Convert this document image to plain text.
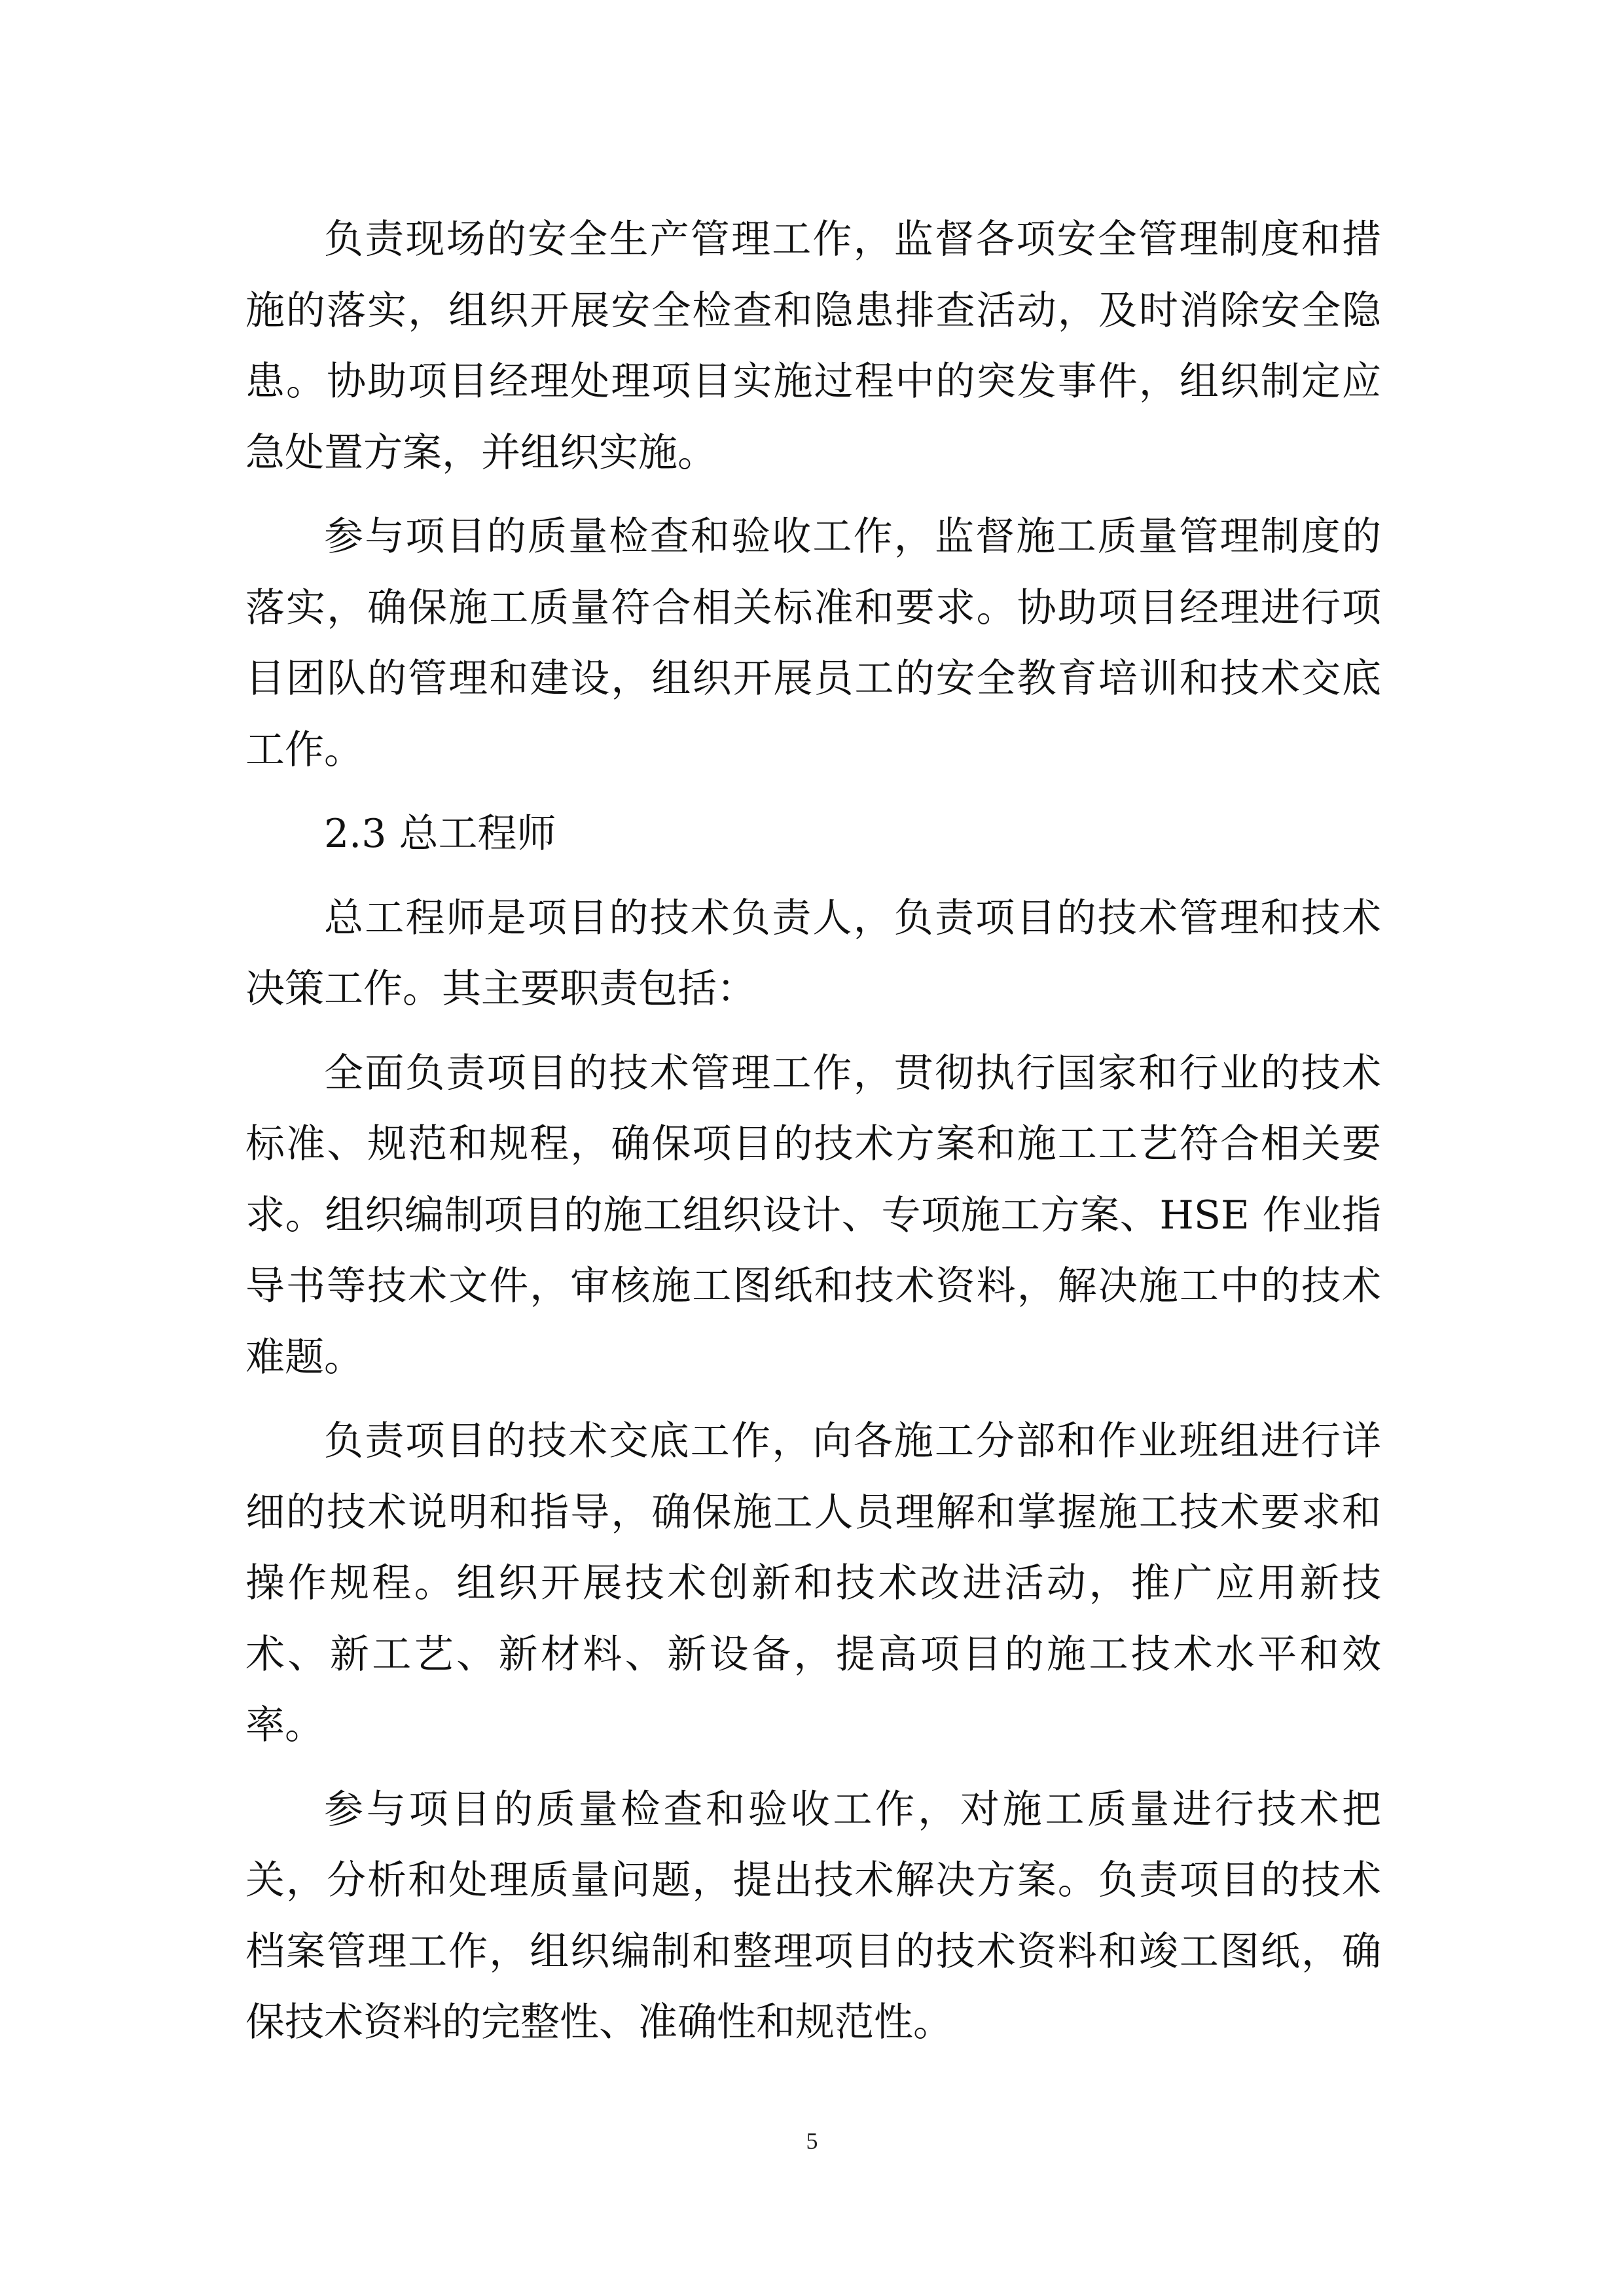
负责现场的安全生产管理工作，监督各项安全管理制度和措施的落实，组织开展安全检查和隐患排查活动，及时消除安全隐患。协助项目经理处理项目实施过程中的突发事件，组织制定应急处置方案，并组织实施。

参与项目的质量检查和验收工作，监督施工质量管理制度的落实，确保施工质量符合相关标准和要求。协助项目经理进行项目团队的管理和建设，组织开展员工的安全教育培训和技术交底工作。

2.3 总工程师

总工程师是项目的技术负责人，负责项目的技术管理和技术决策工作。其主要职责包括：

全面负责项目的技术管理工作，贯彻执行国家和行业的技术标准、规范和规程，确保项目的技术方案和施工工艺符合相关要求。组织编制项目的施工组织设计、专项施工方案、HSE 作业指导书等技术文件，审核施工图纸和技术资料，解决施工中的技术难题。

负责项目的技术交底工作，向各施工分部和作业班组进行详细的技术说明和指导，确保施工人员理解和掌握施工技术要求和操作规程。组织开展技术创新和技术改进活动，推广应用新技术、新工艺、新材料、新设备，提高项目的施工技术水平和效率。

参与项目的质量检查和验收工作，对施工质量进行技术把关，分析和处理质量问题，提出技术解决方案。负责项目的技术档案管理工作，组织编制和整理项目的技术资料和竣工图纸，确保技术资料的完整性、准确性和规范性。

5
